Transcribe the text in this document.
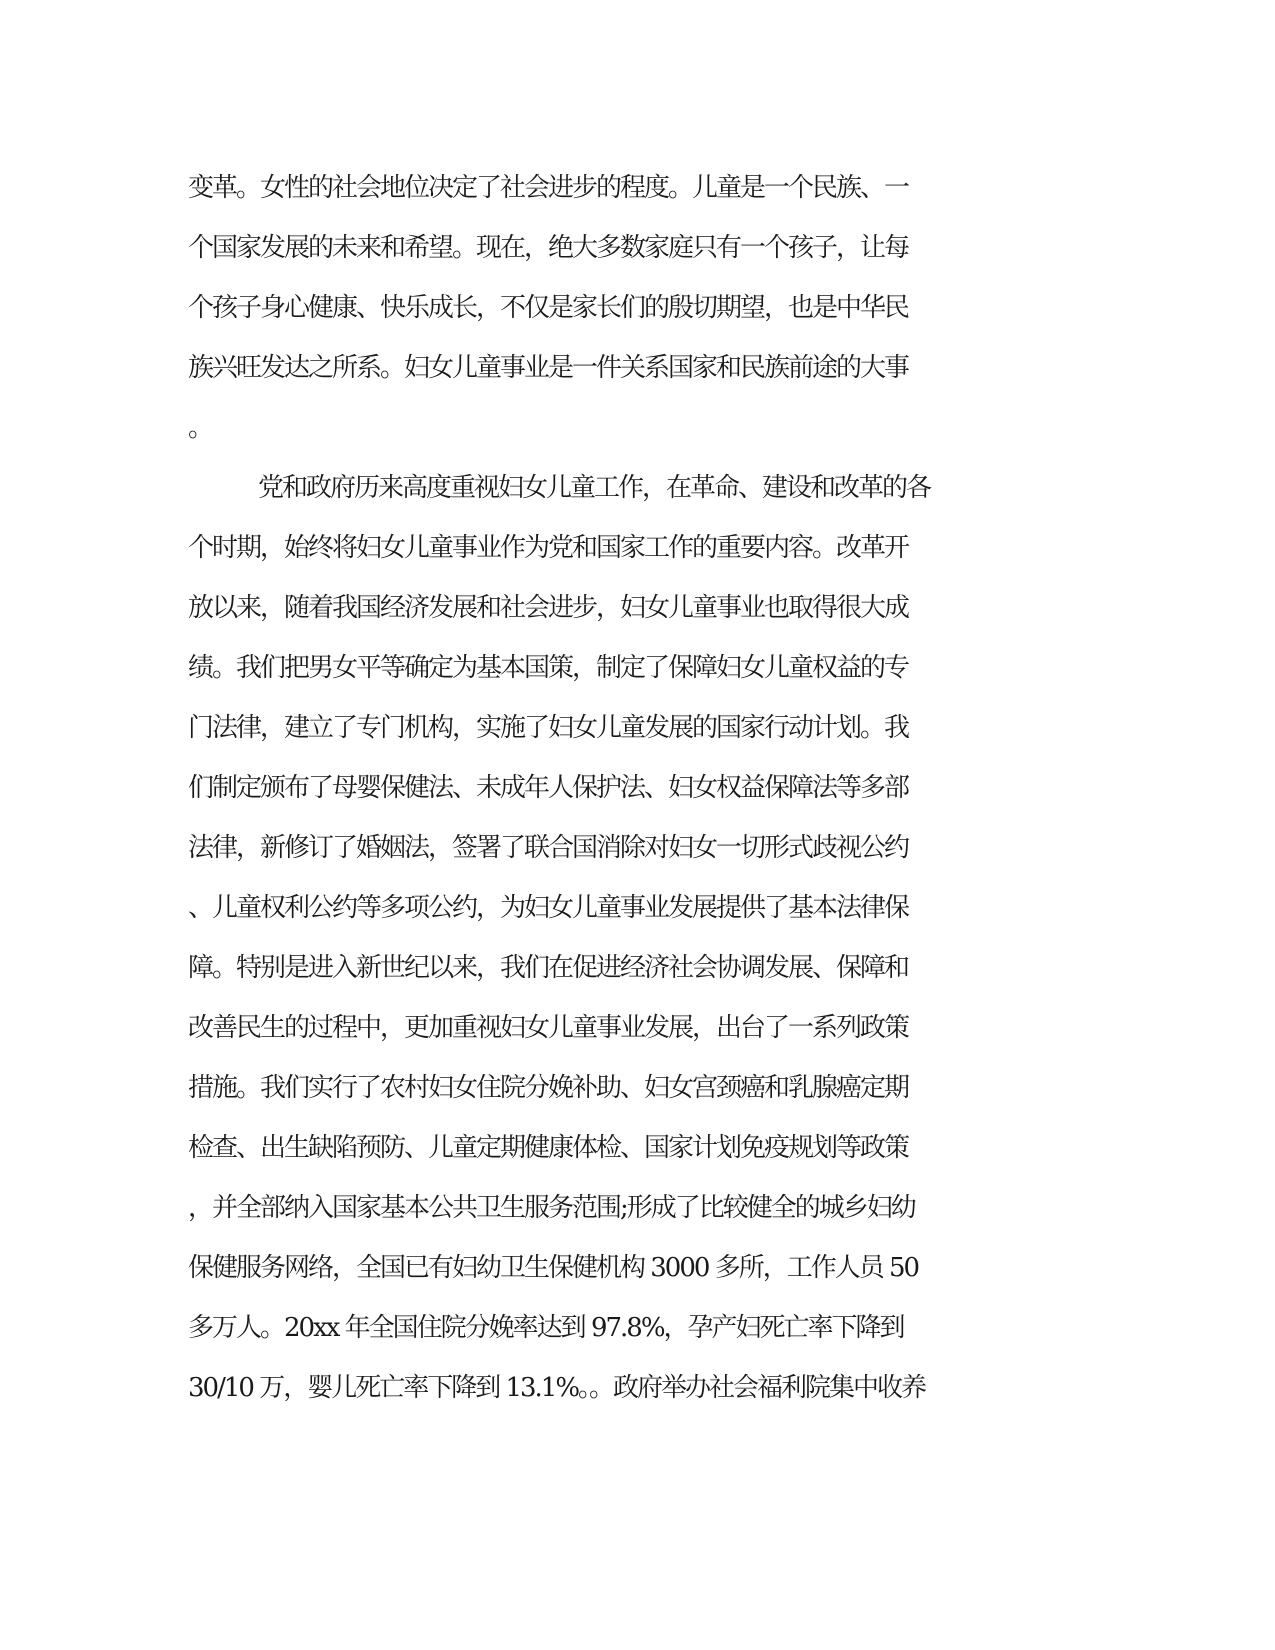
变革。女性的社会地位决定了社会进步的程度。儿童是一个民族、一
个国家发展的未来和希望。现在，绝大多数家庭只有一个孩子，让每
个孩子身心健康、快乐成长，不仅是家长们的殷切期望，也是中华民
族兴旺发达之所系。妇女儿童事业是一件关系国家和民族前途的大事
。
党和政府历来高度重视妇女儿童工作，在革命、建设和改革的各
个时期，始终将妇女儿童事业作为党和国家工作的重要内容。改革开
放以来，随着我国经济发展和社会进步，妇女儿童事业也取得很大成
绩。我们把男女平等确定为基本国策，制定了保障妇女儿童权益的专
门法律，建立了专门机构，实施了妇女儿童发展的国家行动计划。我
们制定颁布了母婴保健法、未成年人保护法、妇女权益保障法等多部
法律，新修订了婚姻法，签署了联合国消除对妇女一切形式歧视公约
、儿童权利公约等多项公约，为妇女儿童事业发展提供了基本法律保
障。特别是进入新世纪以来，我们在促进经济社会协调发展、保障和
改善民生的过程中，更加重视妇女儿童事业发展，出台了一系列政策
措施。我们实行了农村妇女住院分娩补助、妇女宫颈癌和乳腺癌定期
检查、出生缺陷预防、儿童定期健康体检、国家计划免疫规划等政策
，并全部纳入国家基本公共卫生服务范围;形成了比较健全的城乡妇幼
保健服务网络，全国已有妇幼卫生保健机构 3000 多所，工作人员 50
多万人。20xx 年全国住院分娩率达到 97.8%，孕产妇死亡率下降到
30/10 万，婴儿死亡率下降到 13.1%。。政府举办社会福利院集中收养
